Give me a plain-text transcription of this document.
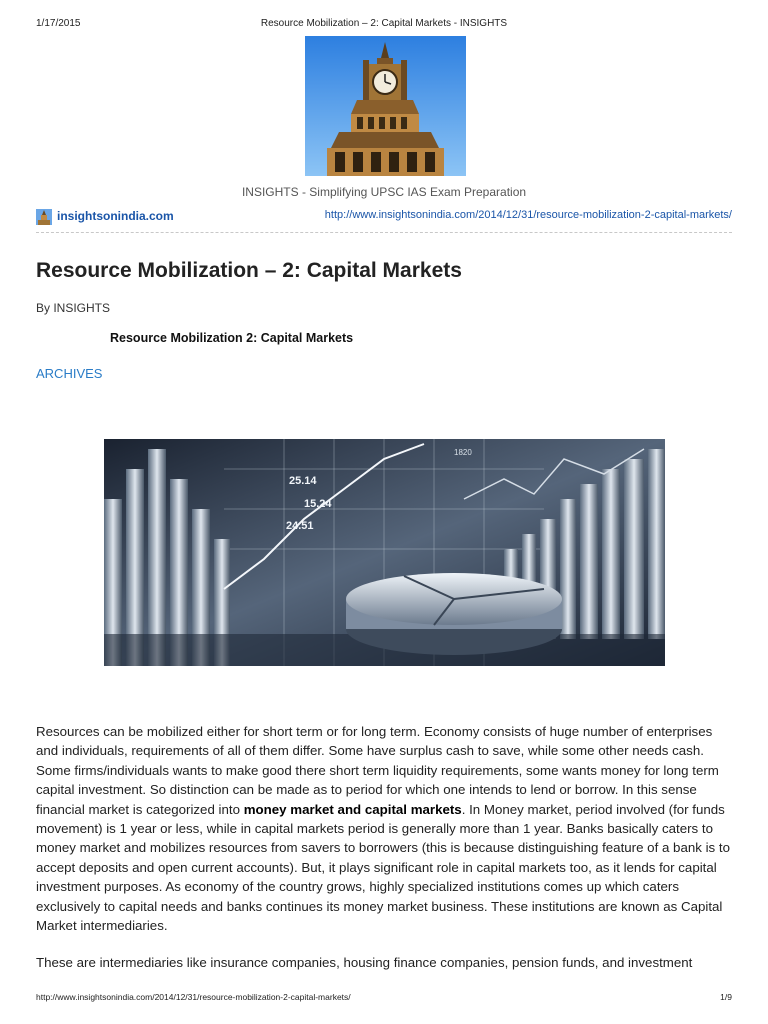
1/17/2015	Resource Mobilization – 2: Capital Markets - INSIGHTS
INSIGHTS - Simplifying UPSC IAS Exam Preparation
insightsonindia.com	http://www.insightsonindia.com/2014/12/31/resource-mobilization-2-capital-markets/
Resource Mobilization – 2: Capital Markets
By INSIGHTS
Resource Mobilization 2: Capital Markets
ARCHIVES
25.14
15.24
24.51
1820

Resources can be mobilized either for short term or for long term. Economy consists of huge number of enterprises and individuals, requirements of all of them differ. Some have surplus cash to save, while some other needs cash. Some firms/individuals wants to make good there short term liquidity requirements, some wants money for long term capital investment. So distinction can be made as to period for which one intends to lend or borrow. In this sense financial market is categorized into money market and capital markets. In Money market, period involved (for funds movement) is 1 year or less, while in capital markets period is generally more than 1 year. Banks basically caters to money market and mobilizes resources from savers to borrowers (this is because distinguishing feature of a bank is to accept deposits and open current accounts). But, it plays significant role in capital markets too, as it lends for capital investment purposes. As economy of the country grows, highly specialized institutions comes up which caters exclusively to capital needs and banks continues its money market business. These institutions are known as Capital Market intermediaries.

These are intermediaries like insurance companies, housing finance companies, pension funds, and investment

http://www.insightsonindia.com/2014/12/31/resource-mobilization-2-capital-markets/	1/9
